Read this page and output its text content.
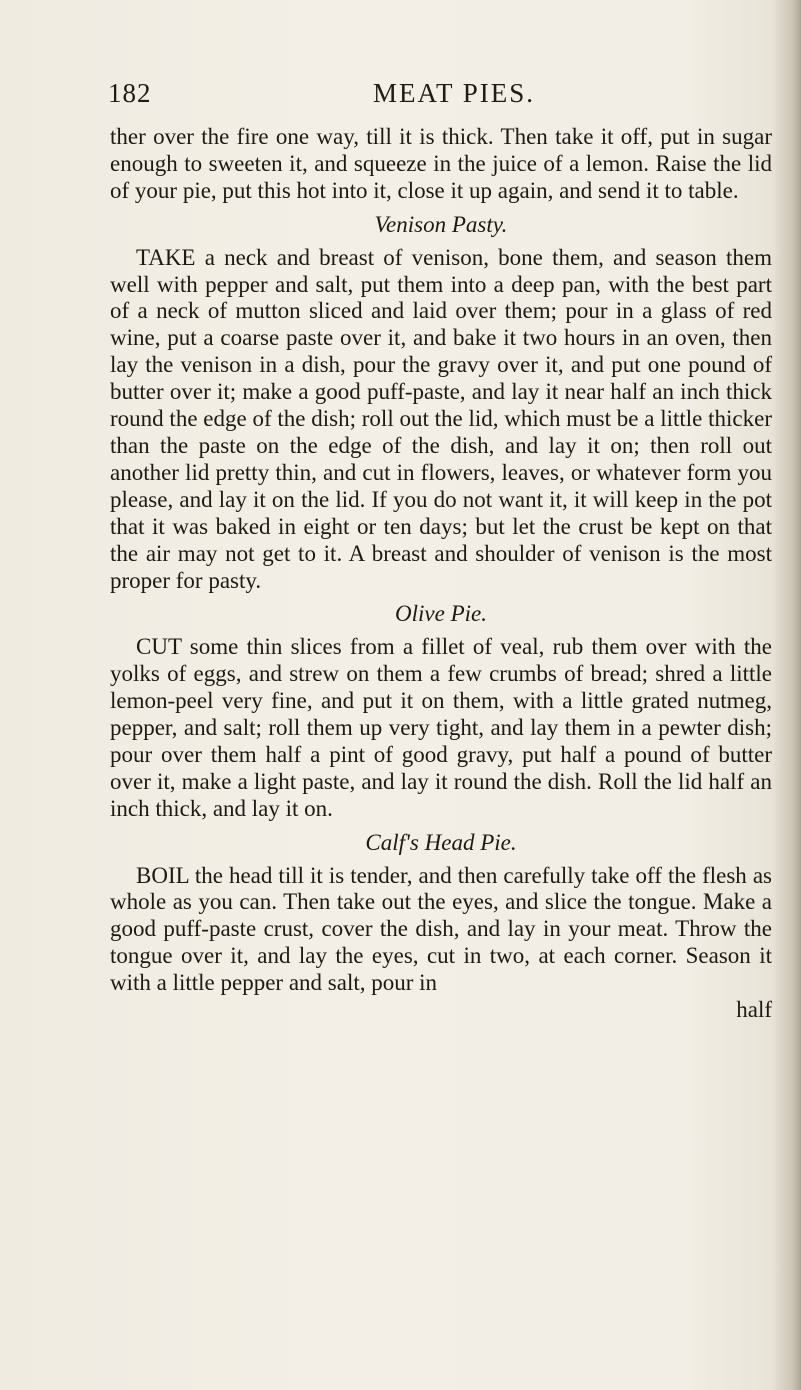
182	MEAT PIES.

ther over the fire one way, till it is thick. Then take it off, put in sugar enough to sweeten it, and squeeze in the juice of a lemon. Raise the lid of your pie, put this hot into it, close it up again, and send it to table.

Venison Pasty.

TAKE a neck and breast of venison, bone them, and season them well with pepper and salt, put them into a deep pan, with the best part of a neck of mutton sliced and laid over them; pour in a glass of red wine, put a coarse paste over it, and bake it two hours in an oven, then lay the venison in a dish, pour the gravy over it, and put one pound of butter over it; make a good puff-paste, and lay it near half an inch thick round the edge of the dish; roll out the lid, which must be a little thicker than the paste on the edge of the dish, and lay it on; then roll out another lid pretty thin, and cut in flowers, leaves, or whatever form you please, and lay it on the lid. If you do not want it, it will keep in the pot that it was baked in eight or ten days; but let the crust be kept on that the air may not get to it. A breast and shoulder of venison is the most proper for pasty.

Olive Pie.

CUT some thin slices from a fillet of veal, rub them over with the yolks of eggs, and strew on them a few crumbs of bread; shred a little lemon-peel very fine, and put it on them, with a little grated nutmeg, pepper, and salt; roll them up very tight, and lay them in a pewter dish; pour over them half a pint of good gravy, put half a pound of butter over it, make a light paste, and lay it round the dish. Roll the lid half an inch thick, and lay it on.

Calf's Head Pie.

BOIL the head till it is tender, and then carefully take off the flesh as whole as you can. Then take out the eyes, and slice the tongue. Make a good puff-paste crust, cover the dish, and lay in your meat. Throw the tongue over it, and lay the eyes, cut in two, at each corner. Season it with a little pepper and salt, pour in

half
